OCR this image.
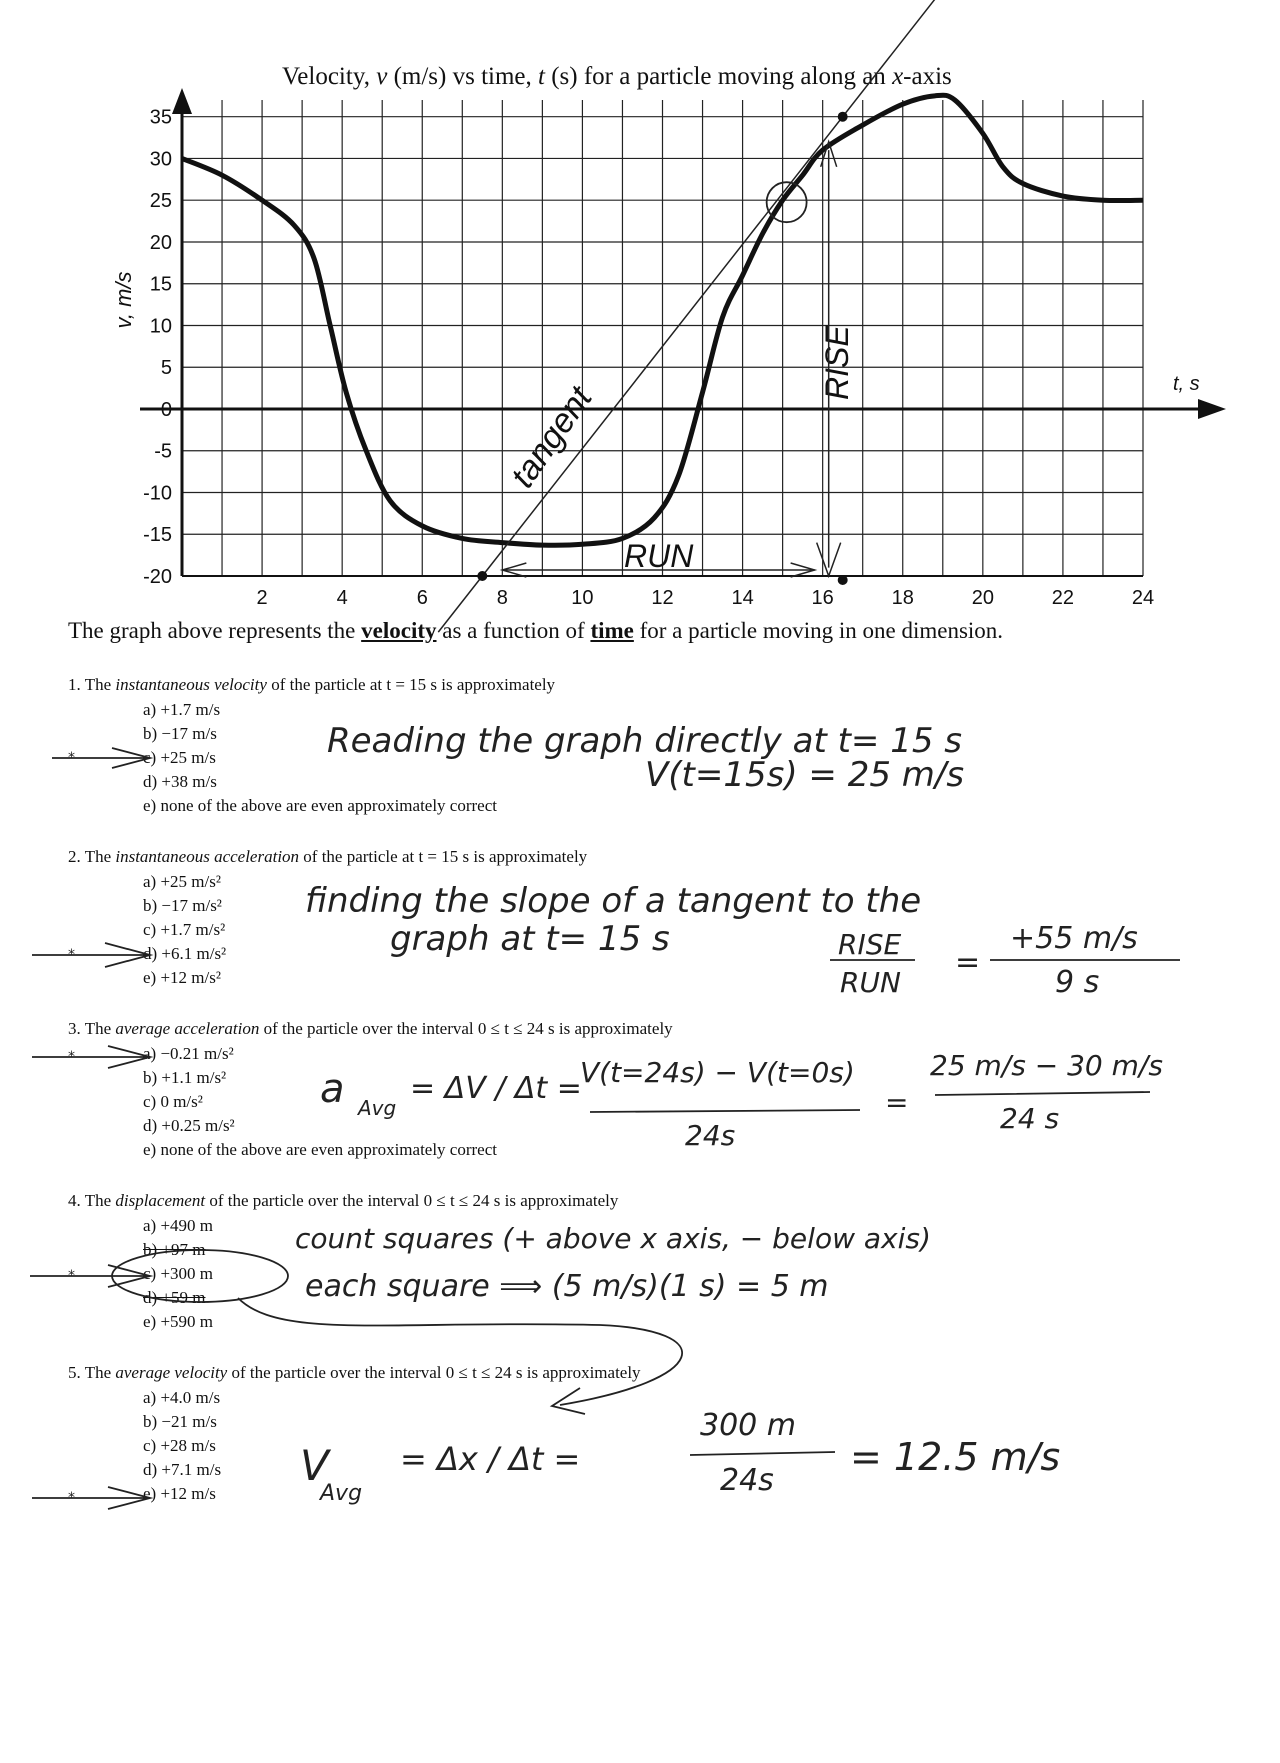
Velocity, v (m/s) vs time, t (s) for a particle moving along an x-axis
2	4	6	8	10	12	14	16	18	20	22	24
35
30
25
20
15
10
5
0
-5
-10
-15
-20
t, s
v, m/s
tangent
RISE
RUN
The graph above represents the velocity as a function of time for a particle moving in one dimension.
1. The instantaneous velocity of the particle at t = 15 s is approximately
a) +1.7 m/s
b) −17 m/s
c) +25 m/s
d) +38 m/s
e) none of the above are even approximately correct
2. The instantaneous acceleration of the particle at t = 15 s is approximately
a) +25 m/s²
b) −17 m/s²
c) +1.7 m/s²
d) +6.1 m/s²
e) +12 m/s²
3. The average acceleration of the particle over the interval 0 ≤ t ≤ 24 s is approximately
a) −0.21 m/s²
b) +1.1 m/s²
c) 0 m/s²
d) +0.25 m/s²
e) none of the above are even approximately correct
4. The displacement of the particle over the interval 0 ≤ t ≤ 24 s is approximately
a) +490 m
b) +97 m
c) +300 m
d) +59 m
e) +590 m
5. The average velocity of the particle over the interval 0 ≤ t ≤ 24 s is approximately
a) +4.0 m/s
b) −21 m/s
c) +28 m/s
d) +7.1 m/s
e) +12 m/s
*
*
*
*
*
Reading the graph directly at t= 15 s
V(t=15s) = 25 m/s
finding the slope of a tangent to the
graph at t= 15 s	RISE
RUN
=
+55 m/s
9 s
a Avg
= ΔV / Δt =
V(t=24s) − V(t=0s)
24s
=
25 m/s − 30 m/s
24 s
count squares (+ above x axis, − below axis)
each square ⟹ (5 m/s)(1 s) = 5 m
V
Avg
= Δx / Δt =
300 m
24s
= 12.5 m/s
